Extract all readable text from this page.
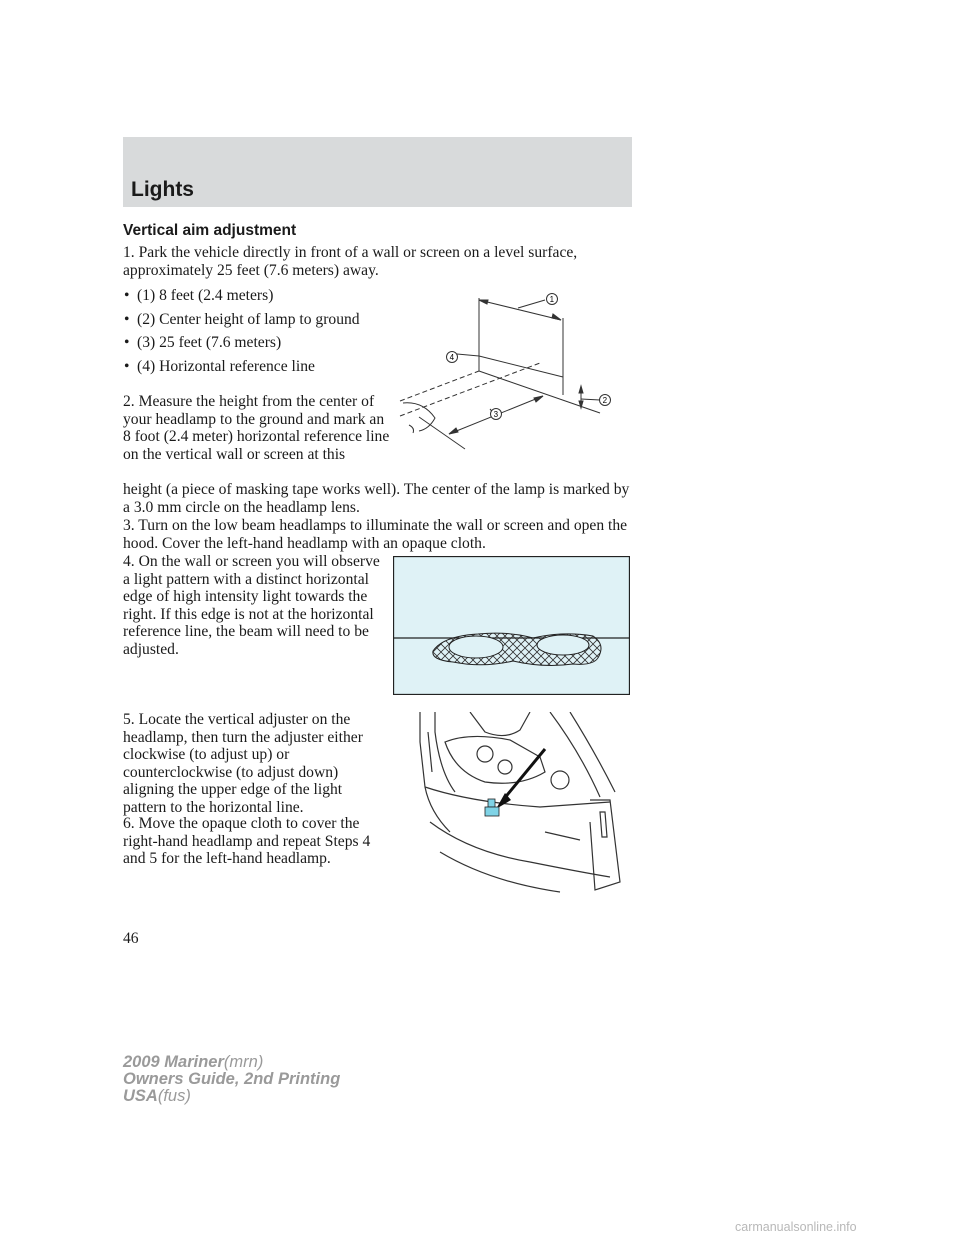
Lights
Vertical aim adjustment
1. Park the vehicle directly in front of a wall or screen on a level surface, approximately 25 feet (7.6 meters) away.
• (1) 8 feet (2.4 meters)
• (2) Center height of lamp to ground
• (3) 25 feet (7.6 meters)
• (4) Horizontal reference line
2. Measure the height from the center of your headlamp to the ground and mark an 8 foot (2.4 meter) horizontal reference line on the vertical wall or screen at this
height (a piece of masking tape works well). The center of the lamp is marked by a 3.0 mm circle on the headlamp lens.
3. Turn on the low beam headlamps to illuminate the wall or screen and open the hood. Cover the left-hand headlamp with an opaque cloth.
4. On the wall or screen you will observe a light pattern with a distinct horizontal edge of high intensity light towards the right. If this edge is not at the horizontal reference line, the beam will need to be adjusted.
5. Locate the vertical adjuster on the headlamp, then turn the adjuster either clockwise (to adjust up) or counterclockwise (to adjust down) aligning the upper edge of the light pattern to the horizontal line.
6. Move the opaque cloth to cover the right-hand headlamp and repeat Steps 4 and 5 for the left-hand headlamp.
1
2
3
4
46
2009 Mariner(mrn)
Owners Guide, 2nd Printing
USA(fus)
carmanualsonline.info
